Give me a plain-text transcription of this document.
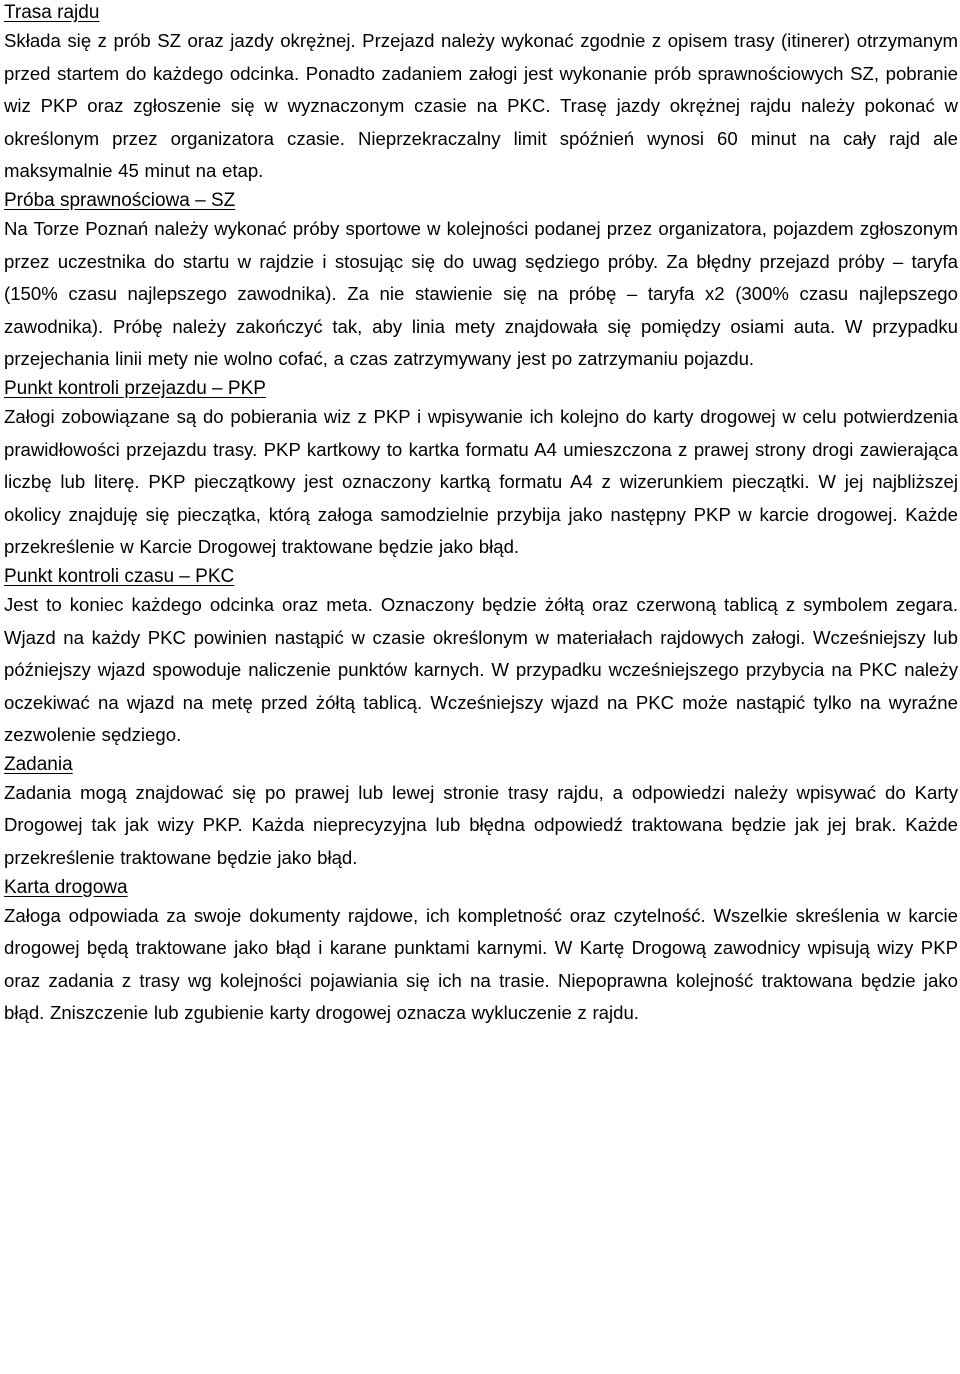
Trasa rajdu

Składa się z prób SZ oraz jazdy okrężnej. Przejazd należy wykonać zgodnie z opisem trasy (itinerer) otrzymanym przed startem do każdego odcinka. Ponadto zadaniem załogi jest wykonanie prób sprawnościowych SZ, pobranie wiz PKP oraz zgłoszenie się w wyznaczonym czasie na PKC. Trasę jazdy okrężnej rajdu należy pokonać w określonym przez organizatora czasie. Nieprzekraczalny limit spóźnień wynosi 60 minut na cały rajd ale maksymalnie 45 minut na etap.

Próba sprawnościowa – SZ

Na Torze Poznań należy wykonać próby sportowe w kolejności podanej przez organizatora, pojazdem zgłoszonym przez uczestnika do startu w rajdzie i stosując się do uwag sędziego próby. Za błędny przejazd próby – taryfa (150% czasu najlepszego zawodnika). Za nie stawienie się na próbę – taryfa x2 (300% czasu najlepszego zawodnika). Próbę należy zakończyć tak, aby linia mety znajdowała się pomiędzy osiami auta. W przypadku przejechania linii mety nie wolno cofać, a czas zatrzymywany jest po zatrzymaniu pojazdu.

Punkt kontroli przejazdu – PKP

Załogi zobowiązane są do pobierania wiz z PKP i wpisywanie ich kolejno do karty drogowej w celu potwierdzenia prawidłowości przejazdu trasy. PKP kartkowy to kartka formatu A4 umieszczona z prawej strony drogi zawierająca liczbę lub literę. PKP pieczątkowy jest oznaczony kartką formatu A4 z wizerunkiem pieczątki. W jej najbliższej okolicy znajduję się pieczątka, którą załoga samodzielnie przybija jako następny PKP w karcie drogowej. Każde przekreślenie w Karcie Drogowej traktowane będzie jako błąd.

Punkt kontroli czasu – PKC

Jest to koniec każdego odcinka oraz meta. Oznaczony będzie żółtą oraz czerwoną tablicą z symbolem zegara. Wjazd na każdy PKC powinien nastąpić w czasie określonym w materiałach rajdowych załogi. Wcześniejszy lub późniejszy wjazd spowoduje naliczenie punktów karnych. W przypadku wcześniejszego przybycia na PKC należy oczekiwać na wjazd na metę przed żółtą tablicą. Wcześniejszy wjazd na PKC może nastąpić tylko na wyraźne zezwolenie sędziego.

Zadania

Zadania mogą znajdować się po prawej lub lewej stronie trasy rajdu, a odpowiedzi należy wpisywać do Karty Drogowej tak jak wizy PKP. Każda nieprecyzyjna lub błędna odpowiedź traktowana będzie jak jej brak. Każde przekreślenie traktowane będzie jako błąd.

Karta drogowa

Załoga odpowiada za swoje dokumenty rajdowe, ich kompletność oraz czytelność. Wszelkie skreślenia w karcie drogowej będą traktowane jako błąd i karane punktami karnymi. W Kartę Drogową zawodnicy wpisują wizy PKP oraz zadania z trasy wg kolejności pojawiania się ich na trasie. Niepoprawna kolejność traktowana będzie jako błąd. Zniszczenie lub zgubienie karty drogowej oznacza wykluczenie z rajdu.
